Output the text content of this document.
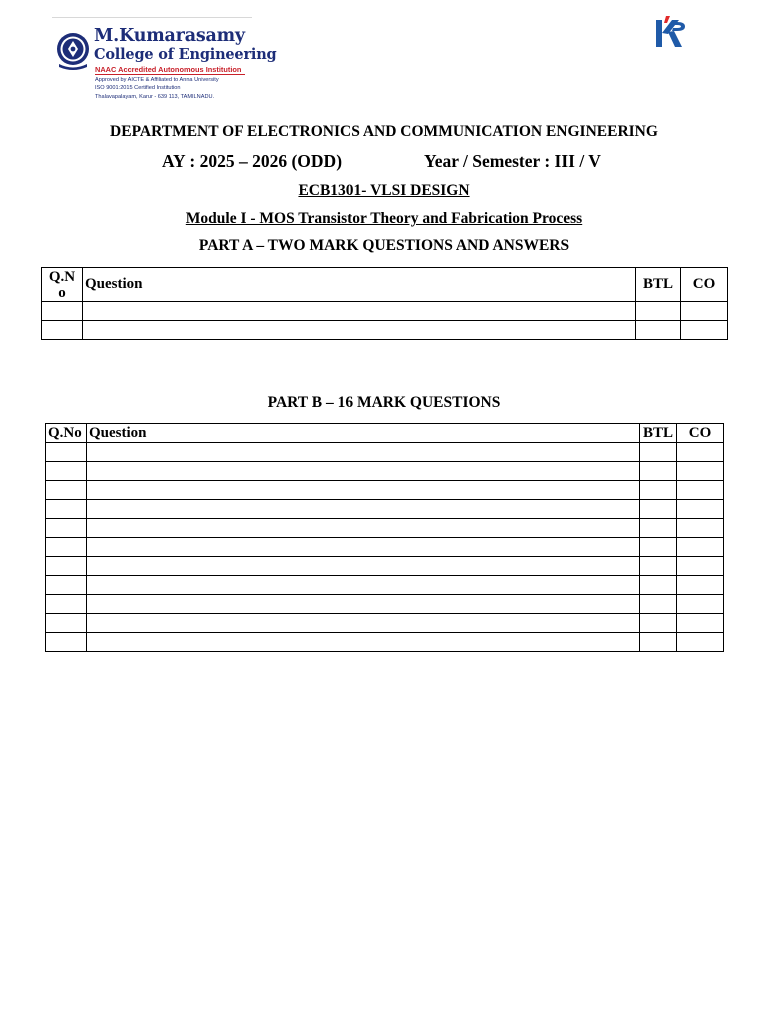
M.Kumarasamy
College of Engineering
NAAC Accredited Autonomous Institution
Approved by AICTE & Affiliated to Anna University
ISO 9001:2015 Certified Institution
Thalavapalayam, Karur - 639 113, TAMILNADU.
DEPARTMENT OF ELECTRONICS AND COMMUNICATION ENGINEERING
AY : 2025 – 2026 (ODD)	Year / Semester : III / V
ECB1301- VLSI DESIGN
Module I - MOS Transistor Theory and Fabrication Process
PART A – TWO MARK QUESTIONS AND ANSWERS
Q.No	Question	BTL	CO

PART B – 16 MARK QUESTIONS
Q.No	Question	BTL	CO
